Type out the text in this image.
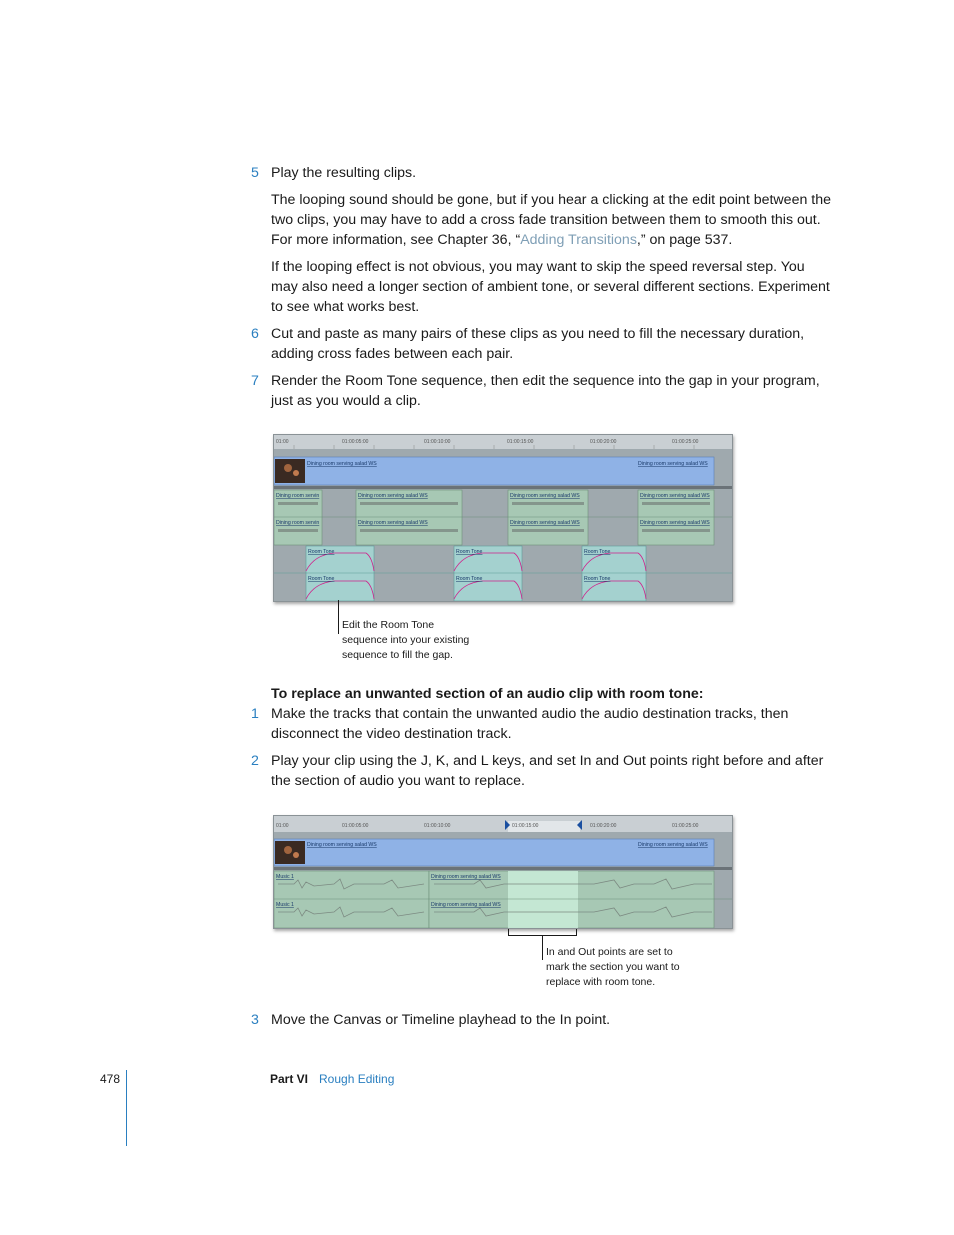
5 Play the resulting clips.
The looping sound should be gone, but if you hear a clicking at the edit point between the two clips, you may have to add a cross fade transition between them to smooth this out. For more information, see Chapter 36, “Adding Transitions,” on page 537.
If the looping effect is not obvious, you may want to skip the speed reversal step. You may also need a longer section of ambient tone, or several different sections. Experiment to see what works best.
6 Cut and paste as many pairs of these clips as you need to fill the necessary duration, adding cross fades between each pair.
7 Render the Room Tone sequence, then edit the sequence into the gap in your program, just as you would a clip.
01:00	01:00:05:00	01:00:10:00	01:00:15:00	01:00:20:00	01:00:25:00
Dining room serving salad WS	Dining room serving salad WS
Dining room servin	Dining room serving salad WS	Dining room serving salad WS	Dining room serving salad WS
Dining room servin	Dining room serving salad WS	Dining room serving salad WS	Dining room serving salad WS
Room Tone	Room Tone	Room Tone
Room Tone	Room Tone	Room Tone
Edit the Room Tone
sequence into your existing
sequence to fill the gap.
To replace an unwanted section of an audio clip with room tone:
1 Make the tracks that contain the unwanted audio the audio destination tracks, then disconnect the video destination track.
2 Play your clip using the J, K, and L keys, and set In and Out points right before and after the section of audio you want to replace.
01:00	01:00:05:00	01:00:10:00	01:00:15:00	01:00:20:00	01:00:25:00
Dining room serving salad WS	Dining room serving salad WS
Music 1	Dining room serving salad WS
Music 1	Dining room serving salad WS
In and Out points are set to
mark the section you want to
replace with room tone.
3 Move the Canvas or Timeline playhead to the In point.
478	Part VI Rough Editing
